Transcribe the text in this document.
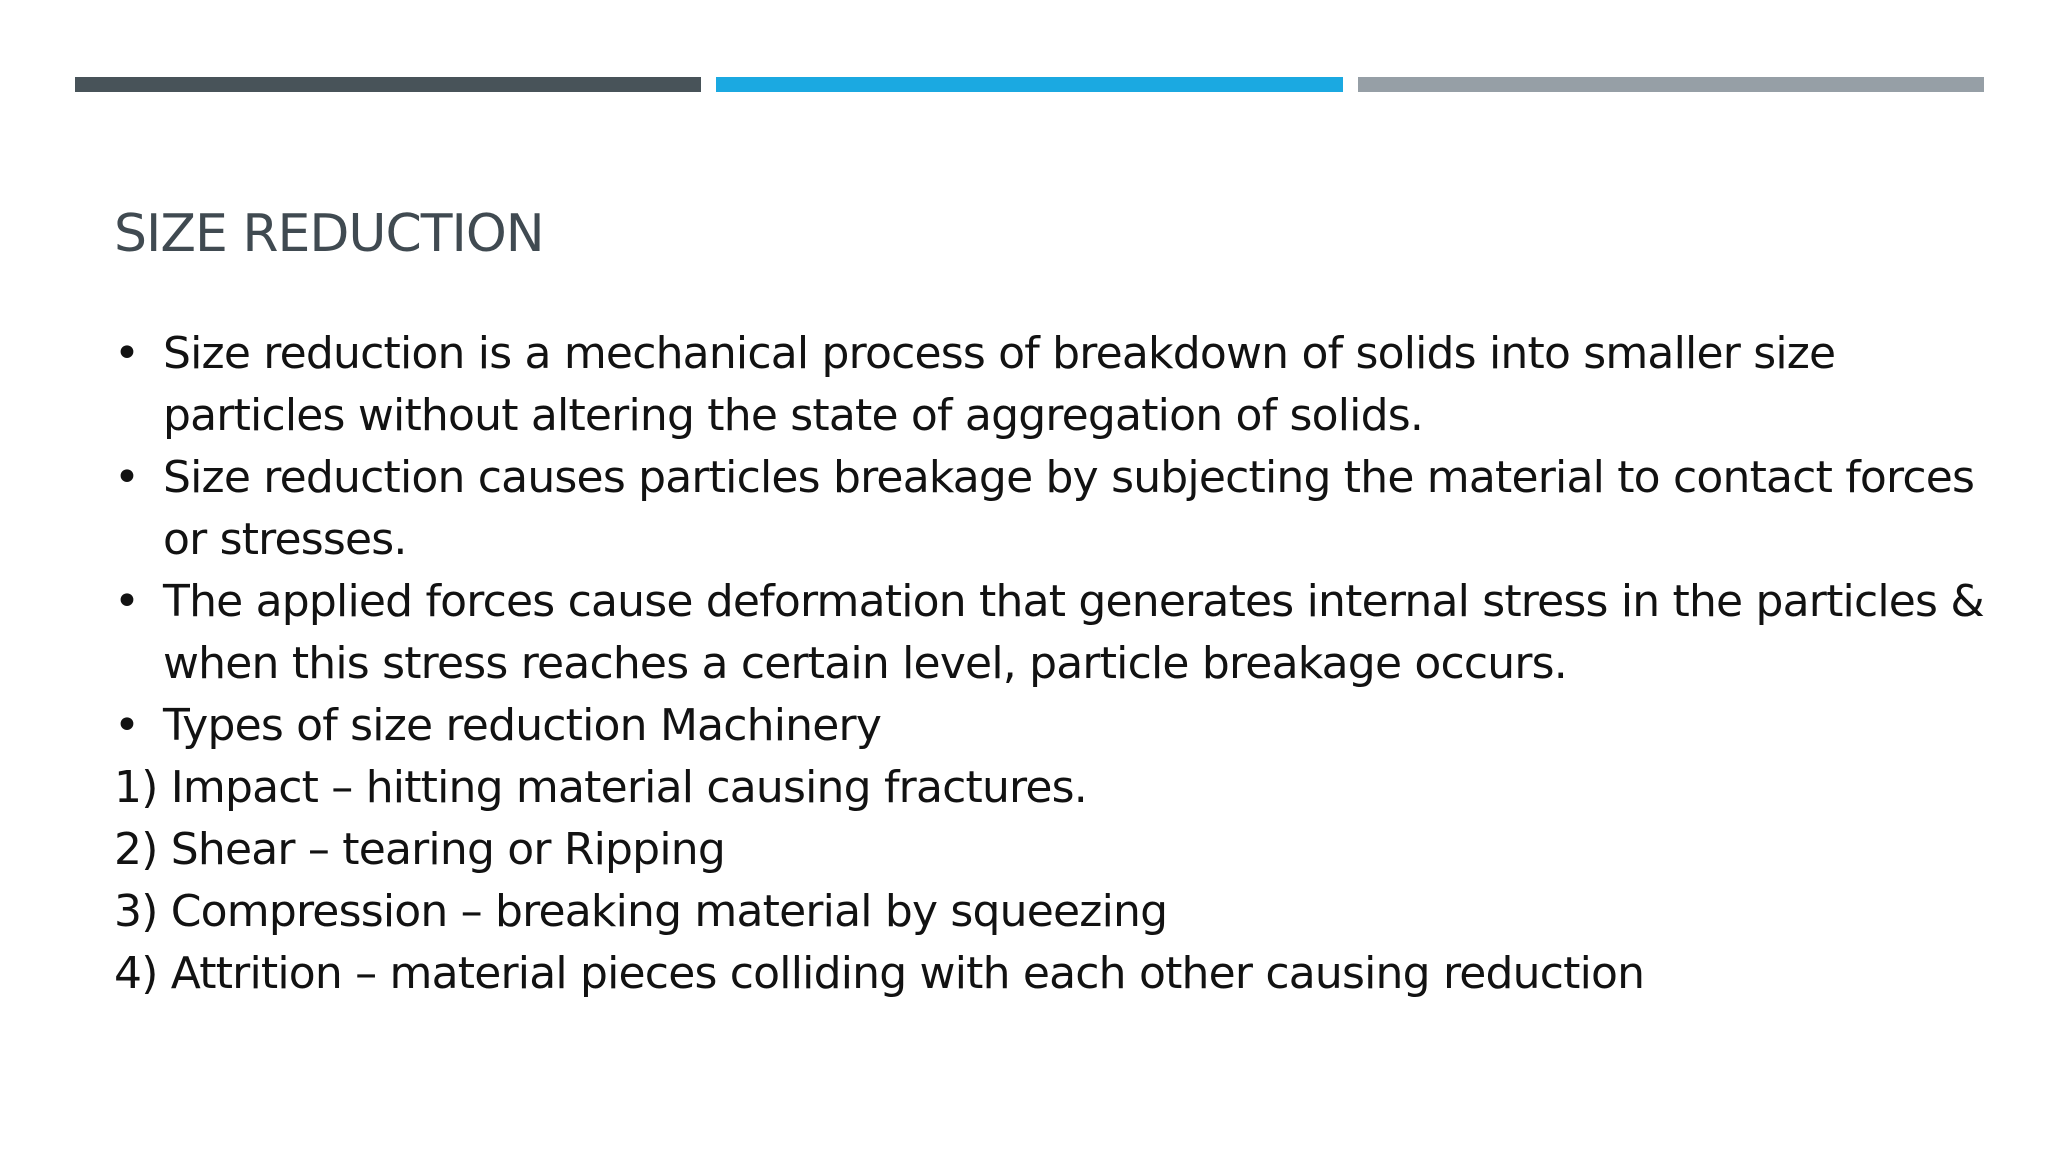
SIZE REDUCTION
• Size reduction is a mechanical process of breakdown of solids into smaller size particles without altering the state of aggregation of solids.
• Size reduction causes particles breakage by subjecting the material to contact forces or stresses.
• The applied forces cause deformation that generates internal stress in the particles & when this stress reaches a certain level, particle breakage occurs.
• Types of size reduction Machinery
1) Impact – hitting material causing fractures.
2) Shear – tearing or Ripping
3) Compression – breaking material by squeezing
4) Attrition – material pieces colliding with each other causing reduction
